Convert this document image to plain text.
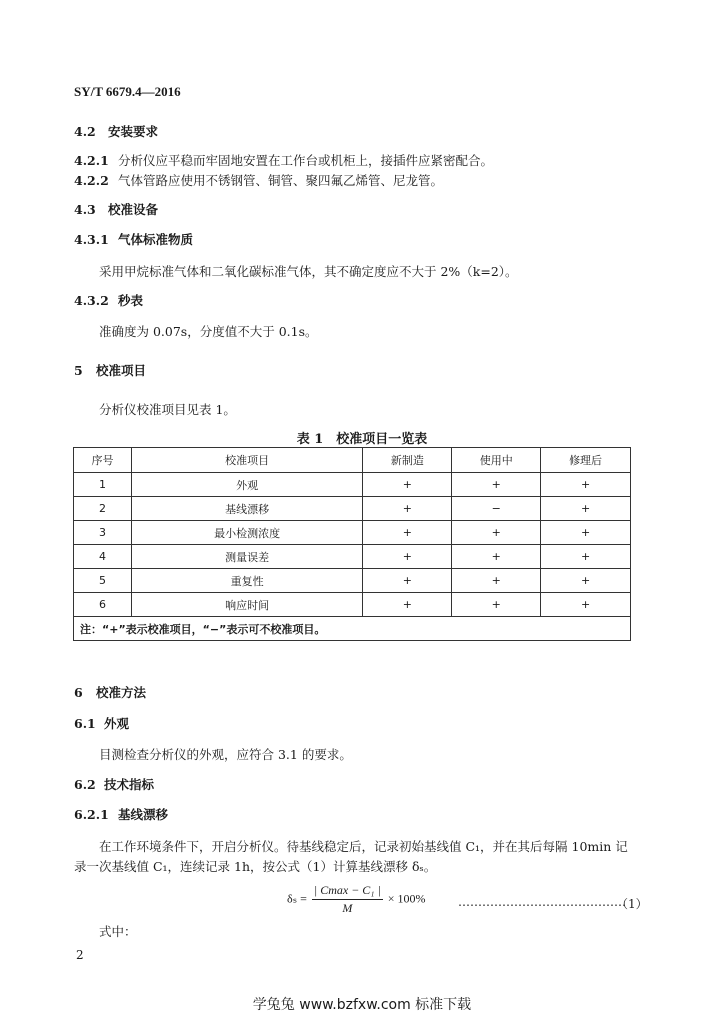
SY/T 6679.4—2016
4.2 安装要求
4.2.1 分析仪应平稳而牢固地安置在工作台或机柜上，接插件应紧密配合。
4.2.2 气体管路应使用不锈钢管、铜管、聚四氟乙烯管、尼龙管。
4.3 校准设备
4.3.1 气体标准物质
采用甲烷标准气体和二氧化碳标准气体，其不确定度应不大于 2%（k=2）。
4.3.2 秒表
准确度为 0.07s，分度值不大于 0.1s。
5 校准项目
分析仪校准项目见表 1。
表 1　校准项目一览表
序号	校准项目	新制造	使用中	修理后
1	外观	+	+	+
2	基线漂移	+	−	+
3	最小检测浓度	+	+	+
4	测量误差	+	+	+
5	重复性	+	+	+
6	响应时间	+	+	+
注：“+”表示校准项目，“−”表示可不校准项目。				
6 校准方法
6.1 外观
目测检查分析仪的外观，应符合 3.1 的要求。
6.2 技术指标
6.2.1 基线漂移
在工作环境条件下，开启分析仪。待基线稳定后，记录初始基线值 C₁，并在其后每隔 10min 记
录一次基线值 C₁，连续记录 1h，按公式（1）计算基线漂移 δₛ。
$\delta_s = \frac{\text{| Cmax − C₁ |}}{M} \times 100\%$	……………………………………
（1）
式中：
2
学兔兔 www.bzfxw.com 标准下载
